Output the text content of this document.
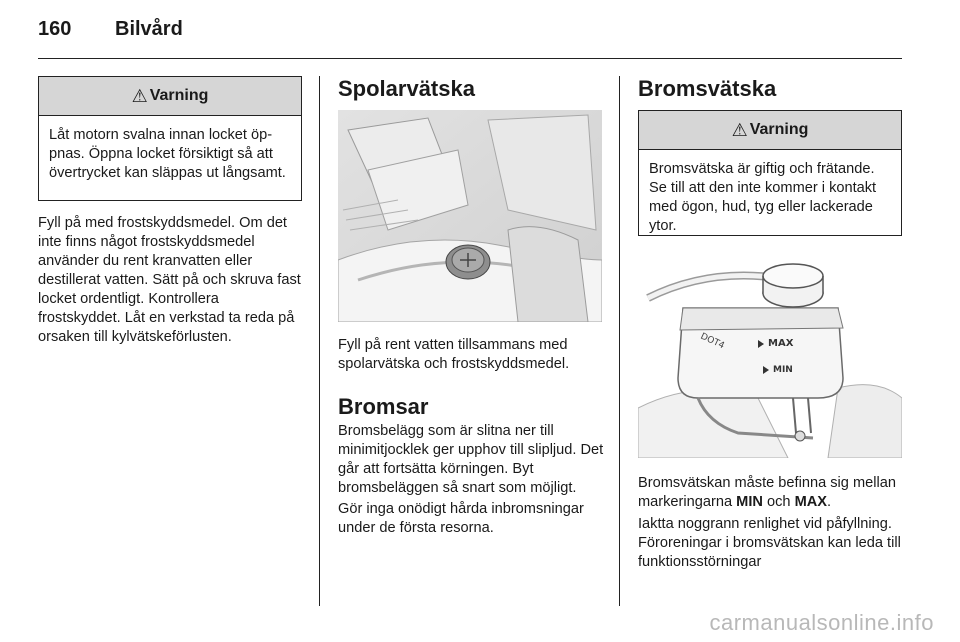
160 Bilvård
⚠ Varning
Låt motorn svalna innan locket öppnas. Öppna locket försiktigt så att övertrycket kan släppas ut långsamt.
Fyll på med frostskyddsmedel. Om det inte finns något frostskyddsmedel använder du rent kranvatten eller destillerat vatten. Sätt på och skruva fast locket ordentligt. Kontrollera frostskyddet. Låt en verkstad ta reda på orsaken till kylvätskeförlusten.
Spolarvätska
Fyll på rent vatten tillsammans med spolarvätska och frostskyddsmedel.
Bromsar
Bromsbelägg som är slitna ner till minimitjocklek ger upphov till slipljud. Det går att fortsätta körningen. Byt bromsbeläggen så snart som möjligt.
Gör inga onödigt hårda inbromsningar under de första resorna.
Bromsvätska
⚠ Varning
Bromsvätska är giftig och frätande. Se till att den inte kommer i kontakt med ögon, hud, tyg eller lackerade ytor.
MAX
MIN
DOT4
Bromsvätskan måste befinna sig mellan markeringarna MIN och MAX.
Iaktta noggrann renlighet vid påfyllning. Föroreningar i bromsvätskan kan leda till funktionsstörningar
carmanualsonline.info
